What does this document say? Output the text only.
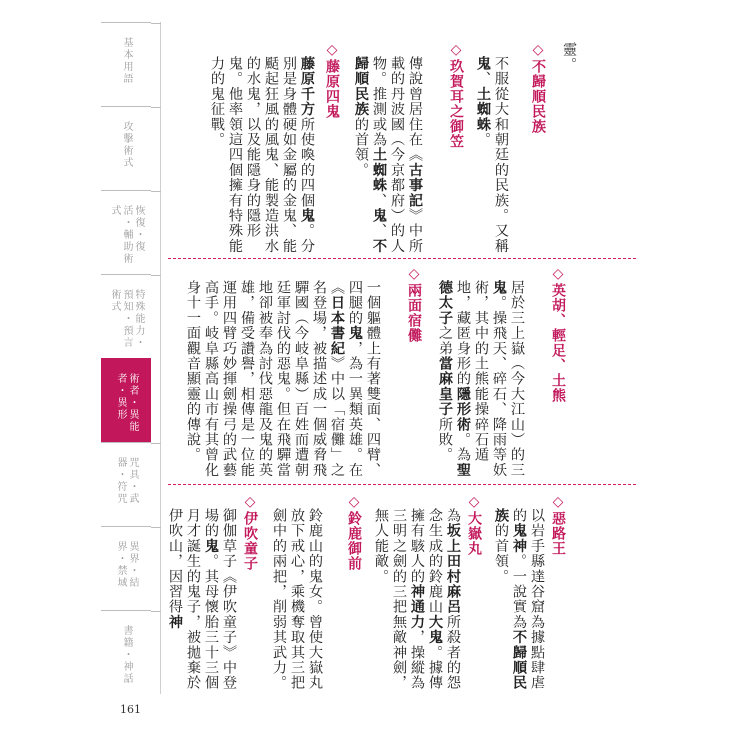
基本用語
攻擊術式
恢復・復活・輔助術式
特殊能力・預知・預言術式
術者・異能者・異形
咒具・武器・符咒
異界・結界・禁域
書籍・神話
161
靈。
◇不歸順民族
不服從大和朝廷的民族。又稱鬼、土蜘蛛。
◇玖賀耳之御笠
傳說曾居住在《古事記》中所載的丹波國（今京都府）的人物。推測或為土蜘蛛、鬼、不歸順民族的首領。
◇藤原四鬼
藤原千方所使喚的四個鬼。分別是身體硬如金屬的金鬼、能颳起狂風的風鬼、能製造洪水的水鬼，以及能隱身的隱形鬼。他率領這四個擁有特殊能力的鬼征戰。
◇英胡、輕足、土熊
居於三上嶽（今大江山）的三鬼。操飛天、碎石、降雨等妖術，其中的土熊能操碎石遁地，藏匿身形的隱形術。為聖德太子之弟當麻皇子所敗。
◇兩面宿儺
一個軀體上有著雙面、四臂、四腿的鬼，為一異類英雄。在《日本書紀》中以「宿儺」之名登場，被描述成一個威脅飛驒國（今岐阜縣）百姓而遭朝廷軍討伐的惡鬼。但在飛驒當地卻被奉為討伐惡龍及鬼的英雄，備受讚譽，相傳是一位能運用四臂巧妙揮劍操弓的武藝高手。岐阜縣高山市有其曾化身十一面觀音顯靈的傳說。
◇惡路王
以岩手縣達谷窟為據點肆虐的鬼神。一說實為不歸順民族的首領。
◇大嶽丸
為坂上田村麻呂所殺者的怨念生成的鈴鹿山大鬼。據傳擁有駭人的神通力，操縱為三明之劍的三把無敵神劍，無人能敵。
◇鈴鹿御前
鈴鹿山的鬼女。曾使大嶽丸放下戒心，乘機奪取其三把劍中的兩把，削弱其武力。
◇伊吹童子
御伽草子《伊吹童子》中登場的鬼。其母懷胎三十三個月才誕生的鬼子，被拋棄於伊吹山，因習得神
